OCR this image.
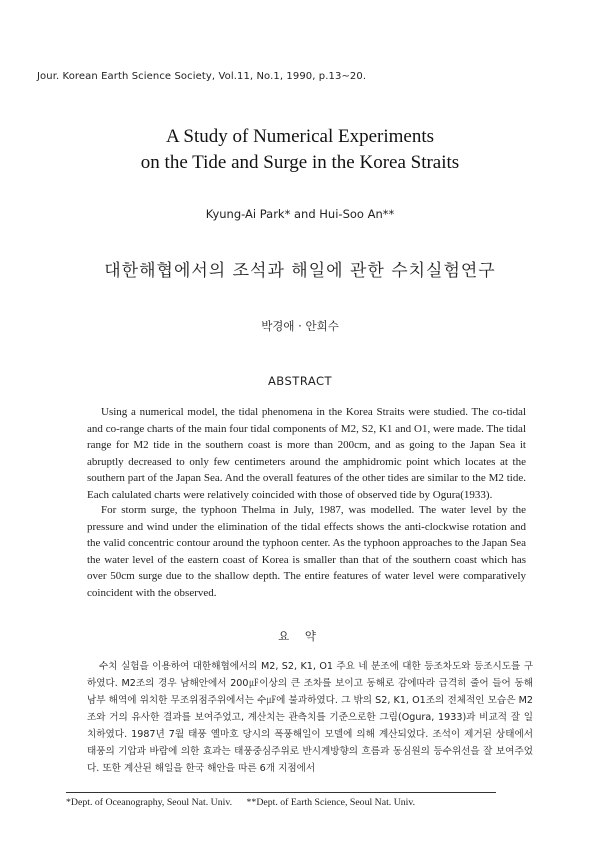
Jour. Korean Earth Science Society, Vol.11, No.1, 1990, p.13∼20.
A Study of Numerical Experiments
on the Tide and Surge in the Korea Straits
Kyung-Ai Park* and Hui-Soo An**
대한해협에서의 조석과 해일에 관한 수치실험연구
박경애 · 안희수
ABSTRACT

Using a numerical model, the tidal phenomena in the Korea Straits were studied. The co-tidal and co-range charts of the main four tidal components of M2, S2, K1 and O1, were made. The tidal range for M2 tide in the southern coast is more than 200cm, and as going to the Japan Sea it abruptly decreased to only few centimeters around the amphidromic point which locates at the southern part of the Japan Sea. And the overall features of the other tides are similar to the M2 tide. Each calulated charts were relatively coincided with those of observed tide by Ogura(1933).

For storm surge, the typhoon Thelma in July, 1987, was modelled. The water level by the pressure and wind under the elimination of the tidal effects shows the anti-clockwise rotation and the valid concentric contour around the typhoon center. As the typhoon approaches to the Japan Sea the water level of the eastern coast of Korea is smaller than that of the southern coast which has over 50cm surge due to the shallow depth. The entire features of water level were comparatively coincident with the observed.

요 약

수치 실험을 이용하여 대한해협에서의 M2, S2, K1, O1 주요 네 분조에 대한 등조차도와 등조시도를 구하였다. M2조의 경우 남해안에서 200㎌이상의 큰 조차를 보이고 동해로 감에따라 급격히 줄어 들어 동해 남부 해역에 위치한 무조위점주위에서는 수㎌에 불과하였다. 그 밖의 S2, K1, O1조의 전체적인 모습은 M2조와 거의 유사한 결과를 보여주었고, 계산치는 관측치를 기준으로한 그림(Ogura, 1933)과 비교적 잘 일치하였다. 1987년 7월 태풍 옐마호 당시의 폭풍해일이 모델에 의해 계산되었다. 조석이 제거된 상태에서 태풍의 기압과 바람에 의한 효과는 태풍중심주위로 반시계방향의 흐름과 동심원의 등수위선을 잘 보여주었다. 또한 계산된 해일을 한국 해안을 따른 6개 지점에서

*Dept. of Oceanography, Seoul Nat. Univ. **Dept. of Earth Science, Seoul Nat. Univ.
